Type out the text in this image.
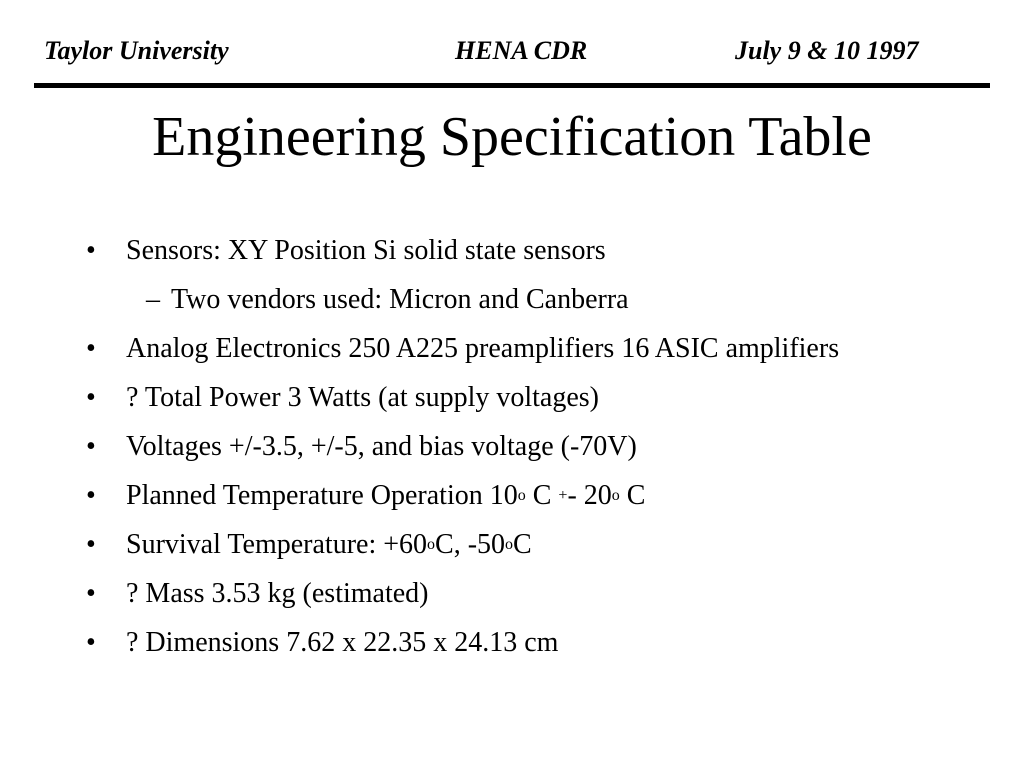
Taylor University	HENA CDR	July 9 & 10 1997
Engineering Specification Table
• Sensors: XY Position Si solid state sensors
– Two vendors used: Micron and Canberra
• Analog Electronics 250 A225 preamplifiers 16 ASIC amplifiers
• ? Total Power 3 Watts (at supply voltages)
• Voltages +/-3.5, +/-5, and bias voltage (-70V)
• Planned Temperature Operation 10$^o$ C +- 20$^o$ C
• Survival Temperature: $+60^oC$, -50$^o$C
• ? Mass 3.53 kg (estimated)
• ? Dimensions 7.62 x 22.35 x 24.13 cm
